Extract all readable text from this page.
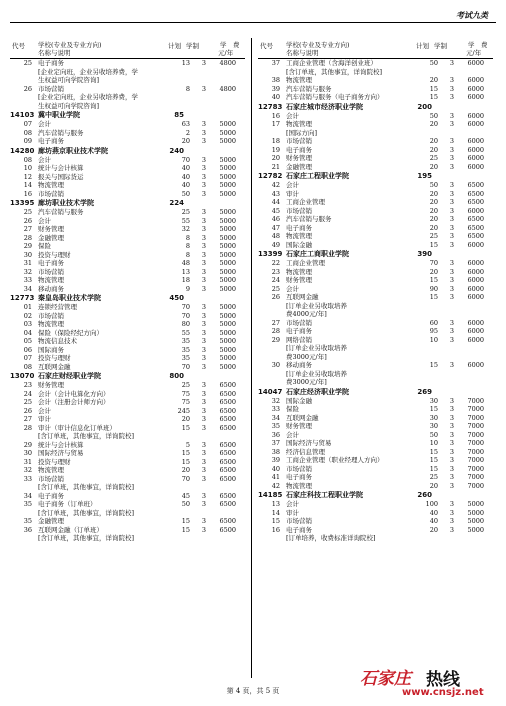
考试九类
代号 学校(专业及专业方向)
名称与说明
计划 学制	学　费
元/年
25 电子商务	13	3	4800
[企业定向班，企业另收培养费，学
生权益可向学院咨询]
26 市场营销	8	3	4800
[企业定向班，企业另收培养费，学
生权益可向学院咨询]
14103 冀中职业学院	85
07 会计	63	3	5000
08 汽车营销与服务	2	3	5000
09 电子商务	20	3	5000
14280 廊坊燕京职业技术学院	240
08 会计	70	3	5000
10 统计与会计核算	40	3	5000
12 报关与国际货运	40	3	5000
14 物流管理	40	3	5000
16 市场营销	50	3	5000
13395 廊坊职业技术学院	224
25 汽车营销与服务	25	3	5000
26 会计	55	3	5000
27 财务管理	32	3	5000
28 金融管理	8	3	5000
29 保险	8	3	5000
30 投资与理财	8	3	5000
31 电子商务	48	3	5000
32 市场营销	13	3	5000
33 物流管理	18	3	5000
34 移动商务	9	3	5000
12773 秦皇岛职业技术学院	450
01 连锁经营管理	70	3	5000
02 市场营销	70	3	5000
03 物流管理	80	3	5000
04 保险（保险经纪方向）	55	3	5000
05 物流信息技术	35	3	5000
06 国际商务	35	3	5000
07 投资与理财	35	3	5000
08 互联网金融	70	3	5000
13070 石家庄财经职业学院	800
23 财务管理	25	3	6500
24 会计（会计电算化方向）	75	3	6500
25 会计（注册会计师方向）	75	3	6500
26 会计	245	3	6500
27 审计	20	3	6500
28 审计（审计信息化订单班）	15	3	6500
[含订单班，其他事宜，详询院校]
29 统计与会计核算	5	3	6500
30 国际经济与贸易	15	3	6500
31 投资与理财	15	3	6500
32 物流管理	20	3	6500
33 市场营销	70	3	6500
[含订单班，其他事宜，详询院校]
34 电子商务	45	3	6500
35 电子商务（订单班）	50	3	6500
[含订单班，其他事宜，详询院校]
35 金融管理	15	3	6500
36 互联网金融（订单班）	15	3	6500
[含订单班，其他事宜，详询院校]
代号 学校(专业及专业方向)
名称与说明
计划 学制	学　费
元/年
37 工商企业管理（含海洋创业班）	50	3	6000
[含订单班，其他事宜，详询院校]
38 物流管理	20	3	6000
39 汽车营销与服务	15	3	6000
40 汽车营销与服务（电子商务方向）	15	3	6000
12783 石家庄城市经济职业学院	200
16 会计	50	3	6000
17 物流管理	20	3	6000
[国际方向]
18 市场营销	20	3	6000
19 电子商务	20	3	6000
20 财务管理	25	3	6000
21 金融管理	20	3	6000
12782 石家庄工程职业学院	195
42 会计	50	3	6500
43 审计	20	3	6500
44 工商企业管理	20	3	6500
45 市场营销	20	3	6000
46 汽车营销与服务	20	3	6500
47 电子商务	20	3	6500
48 物流管理	25	3	6500
49 国际金融	15	3	6000
13399 石家庄工商职业学院	390
22 工商企业管理	70	3	6000
23 物流管理	20	3	6000
24 财务管理	15	3	6000
25 会计	90	3	6000
26 互联网金融	15	3	6000
[订单企业另收取培养
费4000元/年]
27 市场营销	60	3	6000
28 电子商务	95	3	6000
29 网络营销	10	3	6000
[订单企业另收取培养
费3000元/年]
30 移动商务	15	3	6000
[订单企业另收取培养
费3000元/年]
14047 石家庄经济职业学院	269
32 国际金融	30	3	7000
33 保险	15	3	7000
34 互联网金融	30	3	7000
35 财务管理	30	3	7000
36 会计	50	3	7000
37 国际经济与贸易	10	3	7000
38 经济信息管理	15	3	7000
39 工商企业管理（职业经理人方向）	15	3	7000
40 市场营销	15	3	7000
41 电子商务	25	3	7000
42 物流管理	20	3	7000
14185 石家庄科技工程职业学院	260
13 会计	100	3	5000
14 审计	40	3	5000
15 市场营销	40	3	5000
16 电子商务	20	3	5000
[订单培养，收费标准详询院校]
第 4 页，共 5 页
石家庄 热线
www.cnsjz.net
